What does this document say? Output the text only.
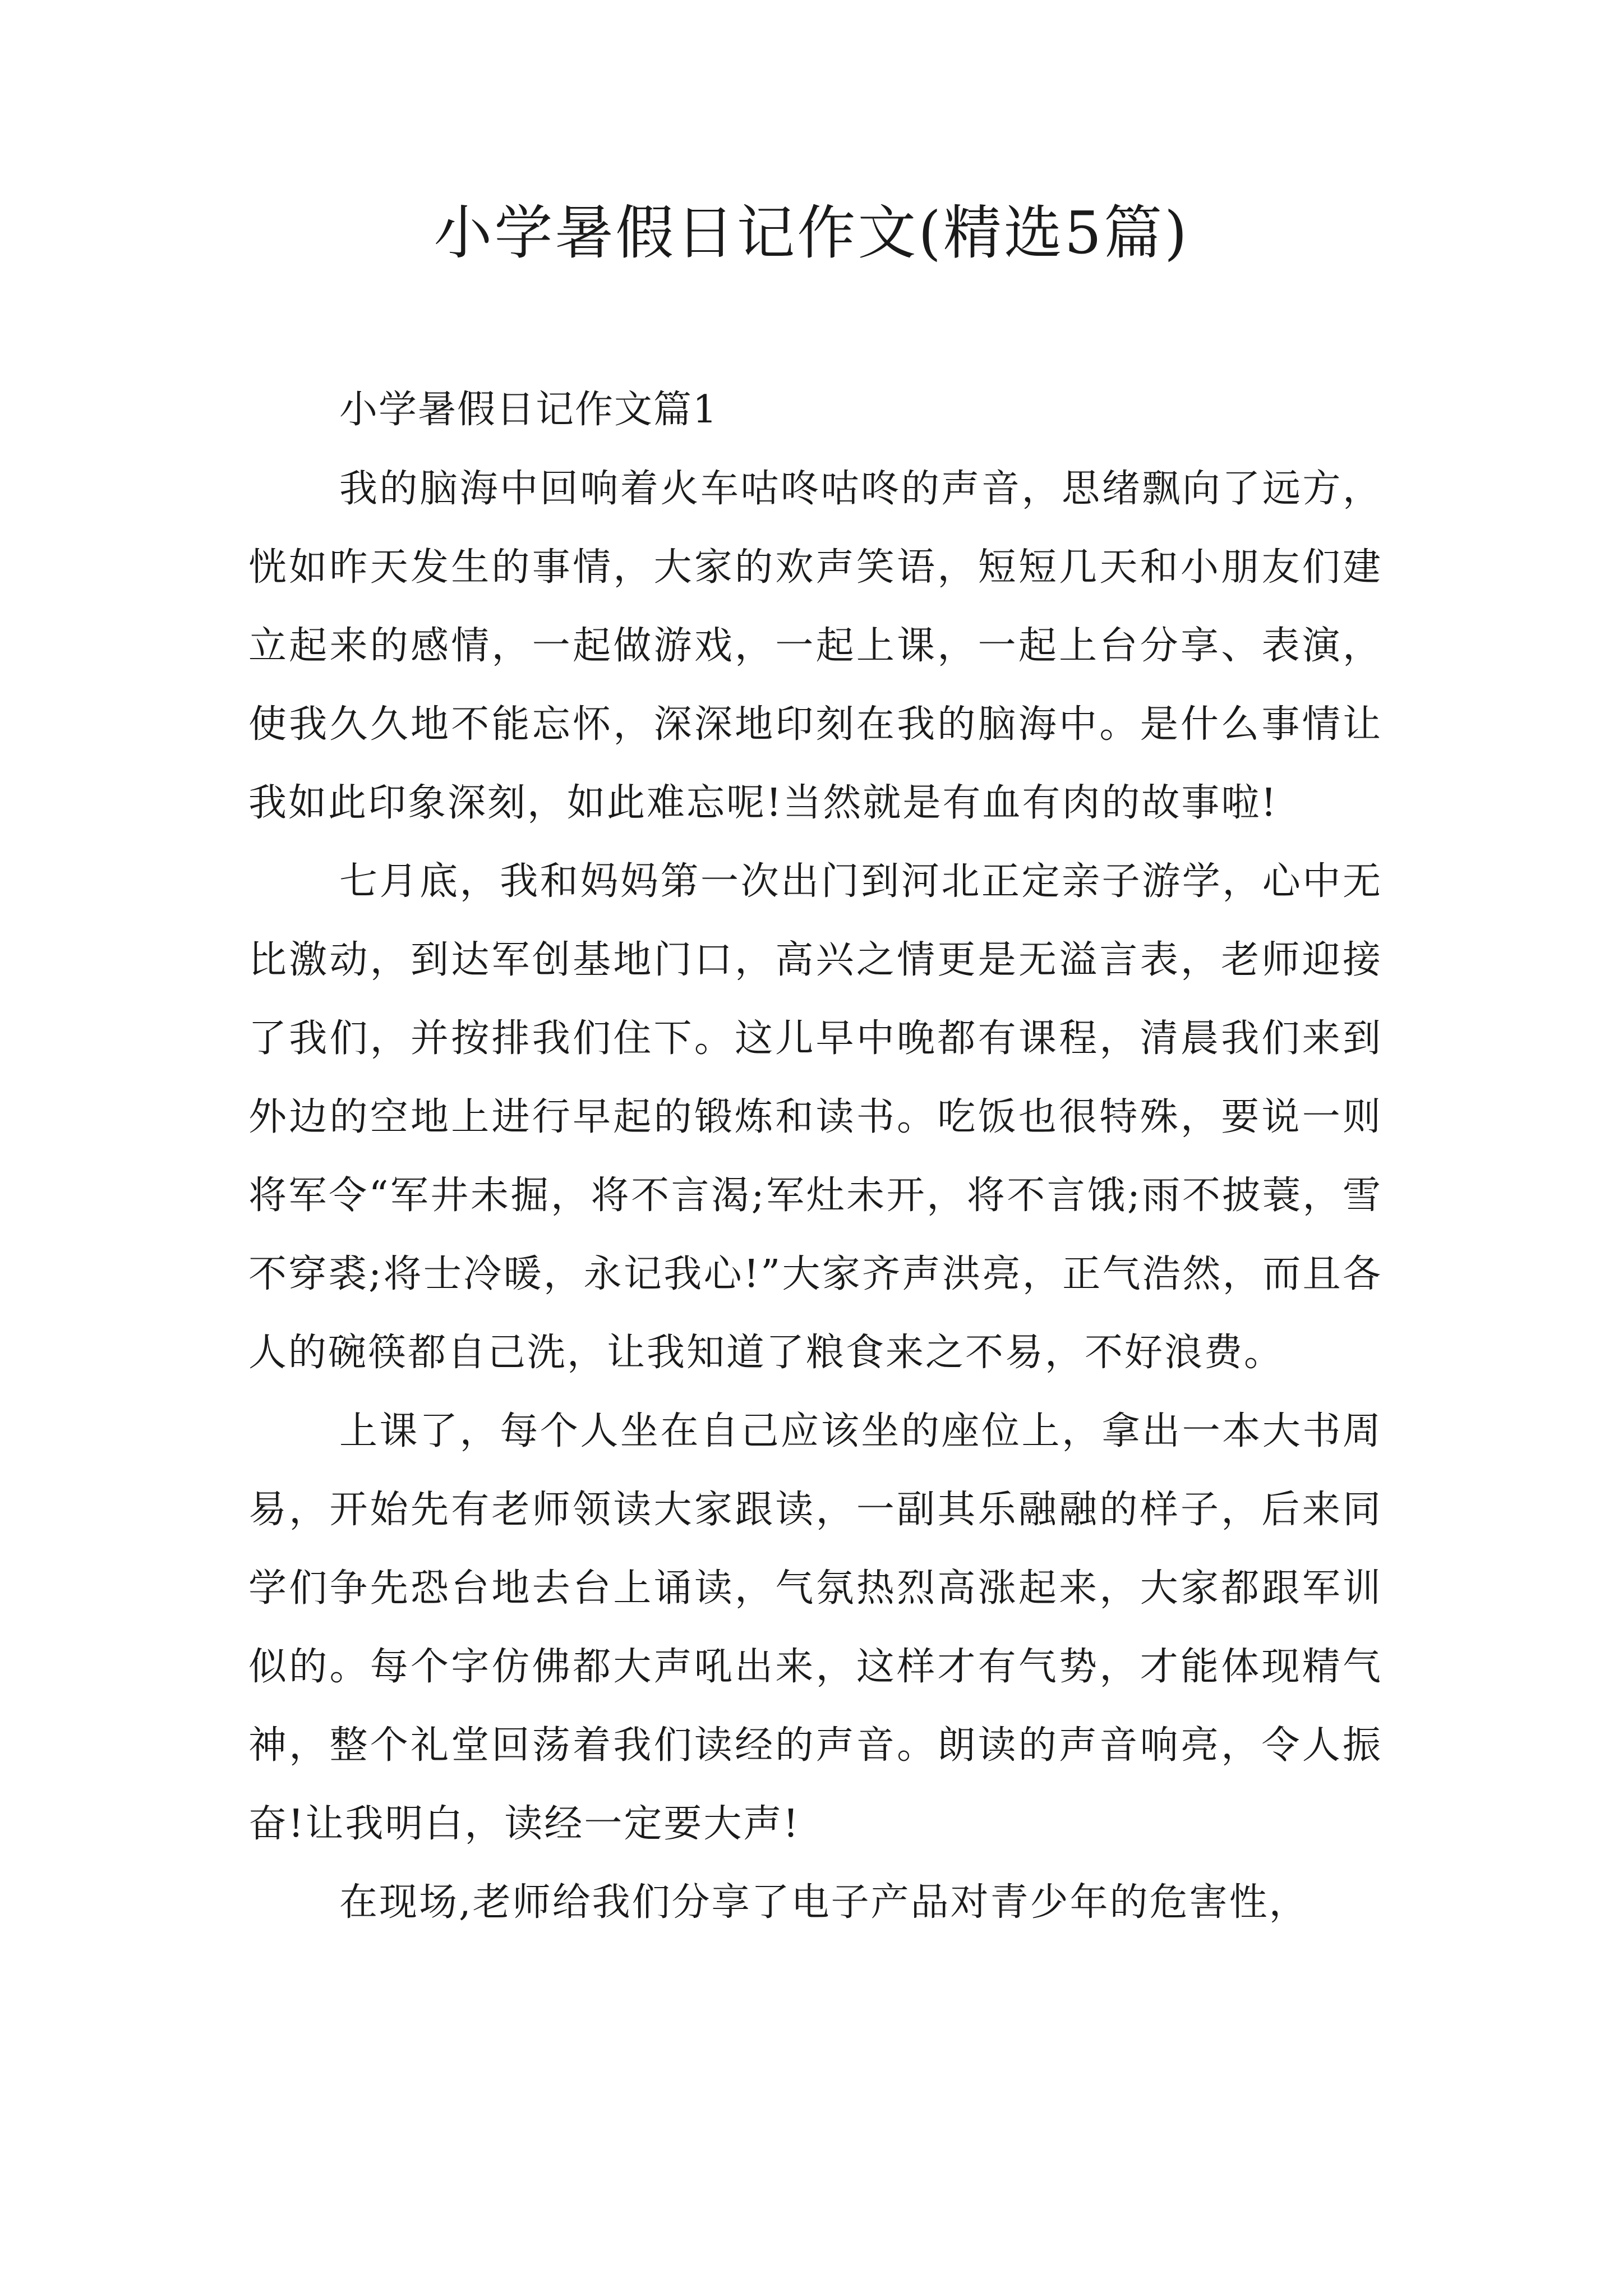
小学暑假日记作文(精选5篇)
小学暑假日记作文篇1

我的脑海中回响着火车咕咚咕咚的声音，思绪飘向了远方，恍如昨天发生的事情，大家的欢声笑语，短短几天和小朋友们建立起来的感情，一起做游戏，一起上课，一起上台分享、表演，使我久久地不能忘怀，深深地印刻在我的脑海中。是什么事情让我如此印象深刻，如此难忘呢!当然就是有血有肉的故事啦!

七月底，我和妈妈第一次出门到河北正定亲子游学，心中无比激动，到达军创基地门口，高兴之情更是无溢言表，老师迎接了我们，并按排我们住下。这儿早中晚都有课程，清晨我们来到外边的空地上进行早起的锻炼和读书。吃饭也很特殊，要说一则将军令“军井未掘，将不言渴;军灶未开，将不言饿;雨不披蓑，雪不穿裘;将士冷暖，永记我心!”大家齐声洪亮，正气浩然，而且各人的碗筷都自己洗，让我知道了粮食来之不易，不好浪费。

上课了，每个人坐在自己应该坐的座位上，拿出一本大书周易，开始先有老师领读大家跟读，一副其乐融融的样子，后来同学们争先恐台地去台上诵读，气氛热烈高涨起来，大家都跟军训似的。每个字仿佛都大声吼出来，这样才有气势，才能体现精气神，整个礼堂回荡着我们读经的声音。朗读的声音响亮，令人振奋!让我明白，读经一定要大声!

在现场,老师给我们分享了电子产品对青少年的危害性，
